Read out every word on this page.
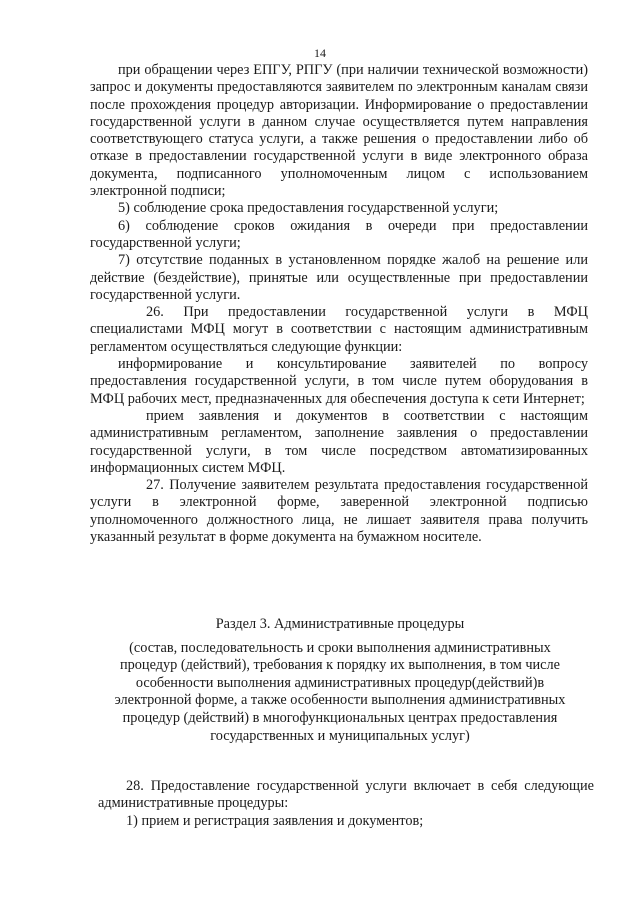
14

при обращении через ЕПГУ, РПГУ (при наличии технической возможности) запрос и документы предоставляются заявителем по электронным каналам связи после прохождения процедур авторизации. Информирование о предоставлении государственной услуги в данном случае осуществляется путем направления соответствующего статуса услуги, а также решения о предоставлении либо об отказе в предоставлении государственной услуги в виде электронного образа документа, подписанного уполномоченным лицом с использованием электронной подписи;

5) соблюдение срока предоставления государственной услуги;

6) соблюдение сроков ожидания в очереди при предоставлении государственной услуги;

7) отсутствие поданных в установленном порядке жалоб на решение или действие (бездействие), принятые или осуществленные при предоставлении государственной услуги.

26. При предоставлении государственной услуги в МФЦ специалистами МФЦ могут в соответствии с настоящим административным регламентом осуществляться следующие функции:

информирование и консультирование заявителей по вопросу предоставления государственной услуги, в том числе путем оборудования в МФЦ рабочих мест, предназначенных для обеспечения доступа к сети Интернет;

прием заявления и документов в соответствии с настоящим административным регламентом, заполнение заявления о предоставлении государственной услуги, в том числе посредством автоматизированных информационных систем МФЦ.

27. Получение заявителем результата предоставления государственной услуги в электронной форме, заверенной электронной подписью уполномоченного должностного лица, не лишает заявителя права получить указанный результат в форме документа на бумажном носителе.

Раздел 3. Административные процедуры

(состав, последовательность и сроки выполнения административных

процедур (действий), требования к порядку их выполнения, в том числе

особенности выполнения административных процедур(действий)в

электронной форме, а также особенности выполнения административных

процедур (действий) в многофункциональных центрах предоставления

государственных и муниципальных услуг)

28. Предоставление государственной услуги включает в себя следующие административные процедуры:

1) прием и регистрация заявления и документов;
